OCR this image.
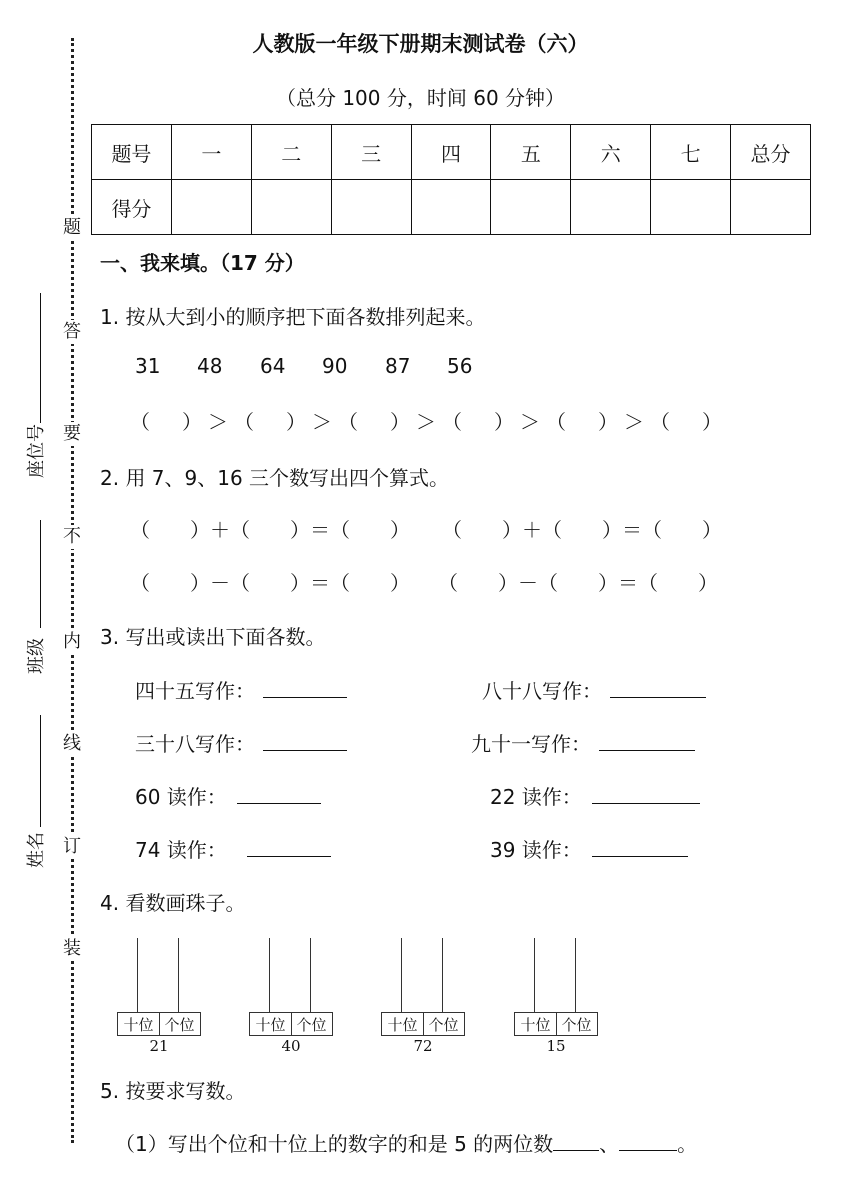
人教版一年级下册期末测试卷（六）
（总分 100 分，时间 60 分钟）
题
答
要
不
内
线
订
装
座位号
班级
姓名
题号	一	二	三	四	五	六	七	总分
得分								
一、我来填。（17 分）
1. 按从大到小的顺序把下面各数排列起来。
31 48 64 90 87 56
（　）＞（　）＞（　）＞（　）＞（　）＞（　）
2. 用 7、9、16 三个数写出四个算式。
（　　）＋（　　）＝（　　） （　　）＋（　　）＝（　　）
（　　）－（　　）＝（　　） （　　）－（　　）＝（　　）
3. 写出或读出下面各数。
四十五写作：	八十八写作：
三十八写作：	九十一写作：
60 读作：	22 读作：
74 读作：	39 读作：
4. 看数画珠子。
十位 个位
21
十位 个位
40
十位 个位
72
十位 个位
15
5. 按要求写数。
（1）写出个位和十位上的数字的和是 5 的两位数 、	。
